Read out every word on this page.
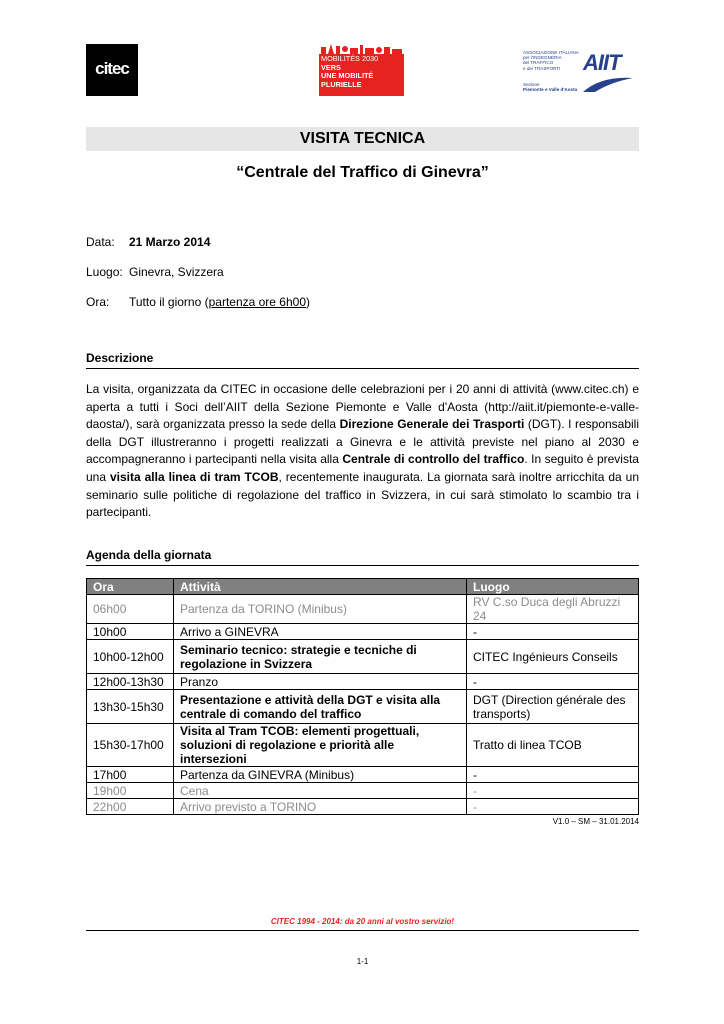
citec
MOBILITÉS 2030
VERS
UNE MOBILITÉ
PLURIELLE
ASSOCIAZIONE ITALIANA
per l'INGEGNERIA
del TRAFFICO
e dei TRASPORTI	AIIT
Sezione
Piemonte e Valle d'Aosta
VISITA TECNICA
“Centrale del Traffico di Ginevra”
Data: 21 Marzo 2014
Luogo: Ginevra, Svizzera
Ora: Tutto il giorno (partenza ore 6h00)
Descrizione
La visita, organizzata da CITEC in occasione delle celebrazioni per i 20 anni di attività (www.citec.ch) e aperta a tutti i Soci dell’AIIT della Sezione Piemonte e Valle d'Aosta (http://aiit.it/piemonte-e-valle-daosta/), sarà organizzata presso la sede della Direzione Generale dei Trasporti (DGT). I responsabili della DGT illustreranno i progetti realizzati a Ginevra e le attività previste nel piano al 2030 e accompagneranno i partecipanti nella visita alla Centrale di controllo del traffico. In seguito è prevista una visita alla linea di tram TCOB, recentemente inaugurata. La giornata sarà inoltre arricchita da un seminario sulle politiche di regolazione del traffico in Svizzera, in cui sarà stimolato lo scambio tra i partecipanti.
Agenda della giornata
Ora	Attività	Luogo
06h00	Partenza da TORINO (Minibus)	RV C.so Duca degli Abruzzi 24
10h00	Arrivo a GINEVRA	-
10h00-12h00	Seminario tecnico: strategie e tecniche di regolazione in Svizzera	CITEC Ingénieurs Conseils
12h00-13h30	Pranzo	-
13h30-15h30	Presentazione e attività della DGT e visita alla centrale di comando del traffico	DGT (Direction générale des transports)
15h30-17h00	Visita al Tram TCOB: elementi progettuali, soluzioni di regolazione e priorità alle intersezioni	Tratto di linea TCOB
17h00	Partenza da GINEVRA (Minibus)	-
19h00	Cena	-
22h00	Arrivo previsto a TORINO	-
V1.0 – SM – 31.01.2014
CITEC 1994 - 2014: da 20 anni al vostro servizio!
1-1
